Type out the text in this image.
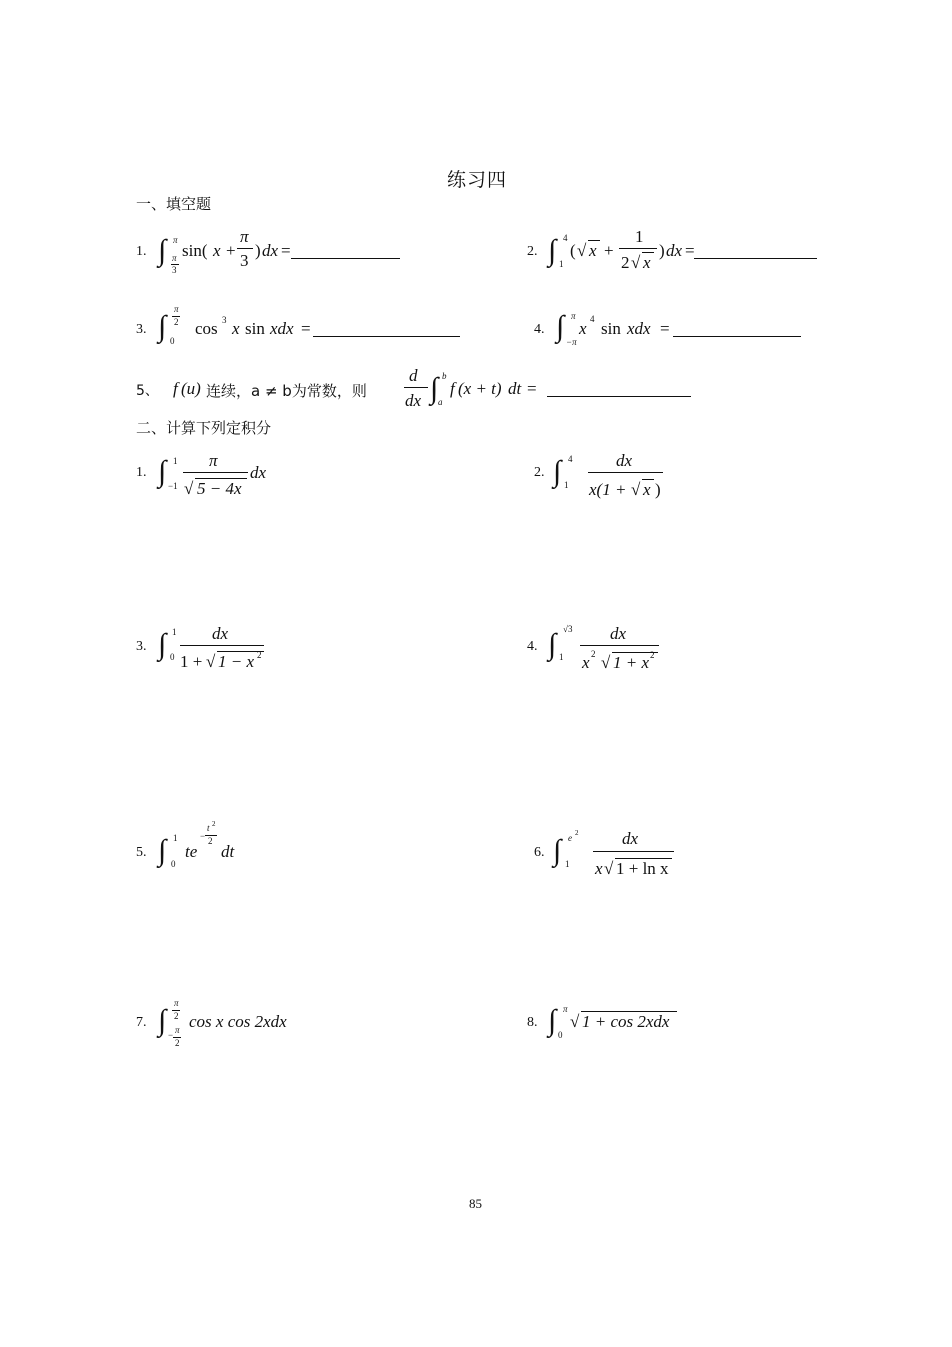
练习四
一、填空题
1. ∫ π
π
3
sin( x +
π
3
) dx =	2. ∫ 4
1
( √ x +
1
2 √ x
) dx =
3. ∫
π
2
0
cos 3 x sin xdx =	4. ∫ π
−π
x 4 sin xdx =
5、 f (u) 连续，a ≠ b为常数，则
d
dx ∫ b
a
f (x + t) dt =
二、计算下列定积分
1. ∫ 1
−1
π
√ 5 − 4x
dx	2. ∫ 4
1
dx
x(1 + √ x )
3. ∫ 1
0
dx
1 + √ 1 − x 2
4. ∫ √3
1
dx
x 2 √ 1 + x 2
5. ∫ 1
0
te
−
t 2
2
dt	6. ∫ e 2
1
dx
x √ 1 + ln x
7. ∫
π
2
− π
2
cos x cos 2xdx	8. ∫ π
0
√ 1 + cos 2xdx
85
